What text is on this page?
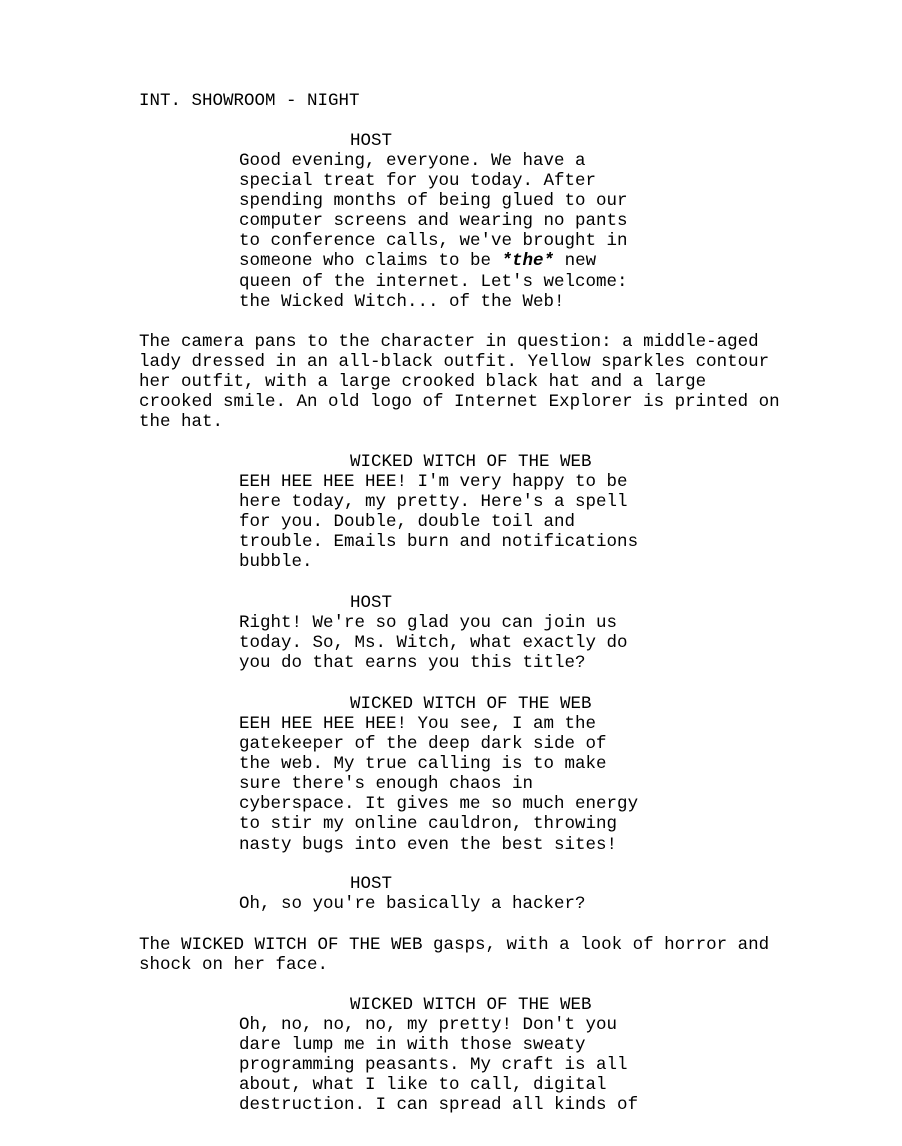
INT. SHOWROOM - NIGHT
HOST
Good evening, everyone. We have a
special treat for you today. After
spending months of being glued to our
computer screens and wearing no pants
to conference calls, we've brought in
someone who claims to be *the* new
queen of the internet. Let's welcome:
the Wicked Witch... of the Web!
The camera pans to the character in question: a middle-aged
lady dressed in an all-black outfit. Yellow sparkles contour
her outfit, with a large crooked black hat and a large
crooked smile. An old logo of Internet Explorer is printed on
the hat.
WICKED WITCH OF THE WEB
EEH HEE HEE HEE! I'm very happy to be
here today, my pretty. Here's a spell
for you. Double, double toil and
trouble. Emails burn and notifications
bubble.
HOST
Right! We're so glad you can join us
today. So, Ms. Witch, what exactly do
you do that earns you this title?
WICKED WITCH OF THE WEB
EEH HEE HEE HEE! You see, I am the
gatekeeper of the deep dark side of
the web. My true calling is to make
sure there's enough chaos in
cyberspace. It gives me so much energy
to stir my online cauldron, throwing
nasty bugs into even the best sites!
HOST
Oh, so you're basically a hacker?
The WICKED WITCH OF THE WEB gasps, with a look of horror and
shock on her face.
WICKED WITCH OF THE WEB
Oh, no, no, no, my pretty! Don't you
dare lump me in with those sweaty
programming peasants. My craft is all
about, what I like to call, digital
destruction. I can spread all kinds of
